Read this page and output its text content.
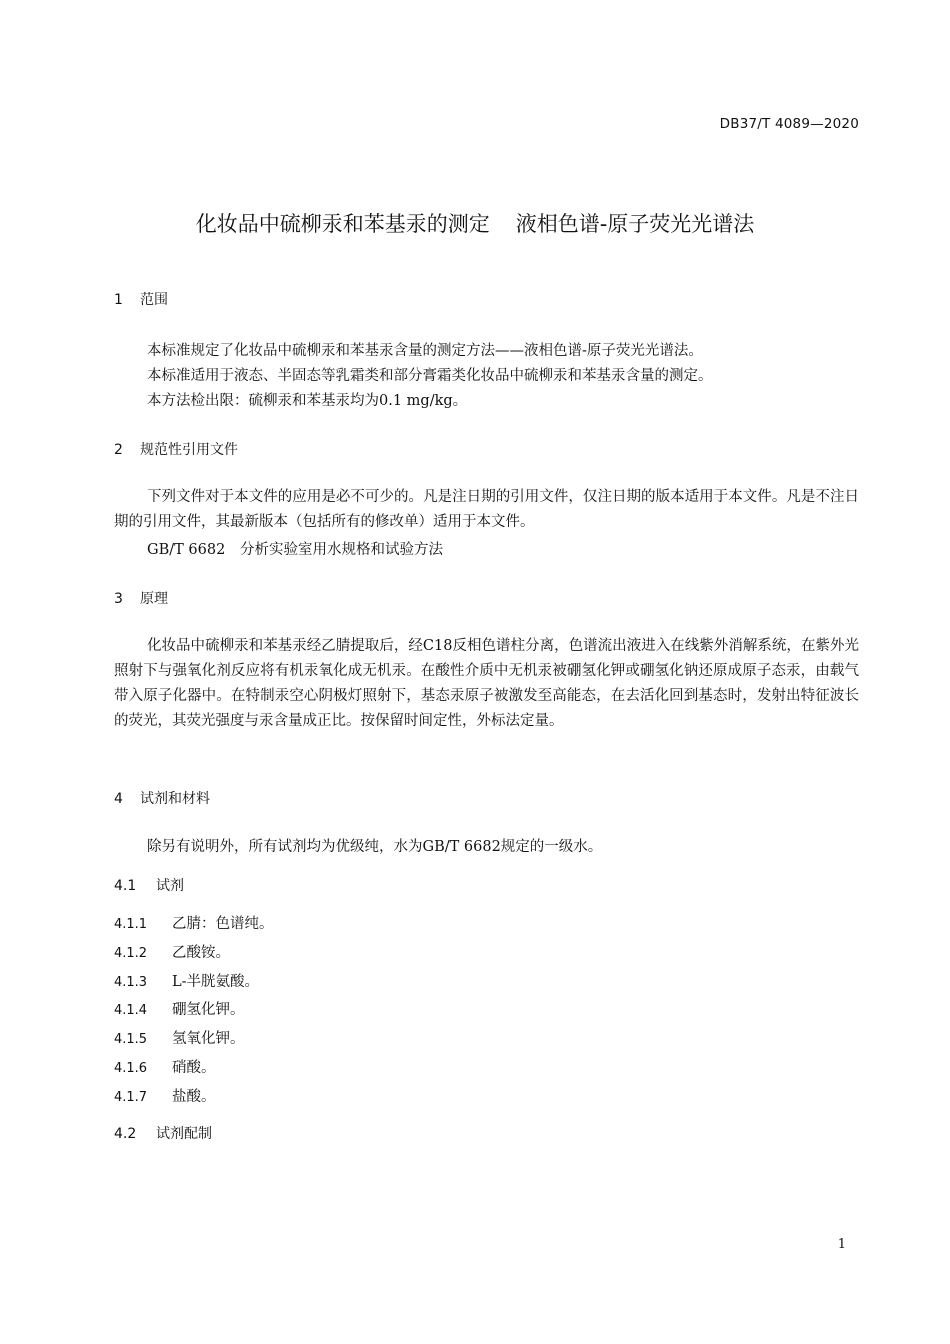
DB37/T 4089—2020
化妆品中硫柳汞和苯基汞的测定 液相色谱-原子荧光光谱法
1 范围
本标准规定了化妆品中硫柳汞和苯基汞含量的测定方法——液相色谱-原子荧光光谱法。
本标准适用于液态、半固态等乳霜类和部分膏霜类化妆品中硫柳汞和苯基汞含量的测定。
本方法检出限：硫柳汞和苯基汞均为0.1 mg/kg。
2 规范性引用文件
下列文件对于本文件的应用是必不可少的。凡是注日期的引用文件，仅注日期的版本适用于本文件。凡是不注日期的引用文件，其最新版本（包括所有的修改单）适用于本文件。
GB/T 6682 分析实验室用水规格和试验方法
3 原理
化妆品中硫柳汞和苯基汞经乙腈提取后，经C18反相色谱柱分离，色谱流出液进入在线紫外消解系统，在紫外光照射下与强氧化剂反应将有机汞氧化成无机汞。在酸性介质中无机汞被硼氢化钾或硼氢化钠还原成原子态汞，由载气带入原子化器中。在特制汞空心阴极灯照射下，基态汞原子被激发至高能态，在去活化回到基态时，发射出特征波长的荧光，其荧光强度与汞含量成正比。按保留时间定性，外标法定量。
4 试剂和材料
除另有说明外，所有试剂均为优级纯，水为GB/T 6682规定的一级水。
4.1 试剂
4.1.1 乙腈：色谱纯。
4.1.2 乙酸铵。
4.1.3 L-半胱氨酸。
4.1.4 硼氢化钾。
4.1.5 氢氧化钾。
4.1.6 硝酸。
4.1.7 盐酸。
4.2 试剂配制
1
